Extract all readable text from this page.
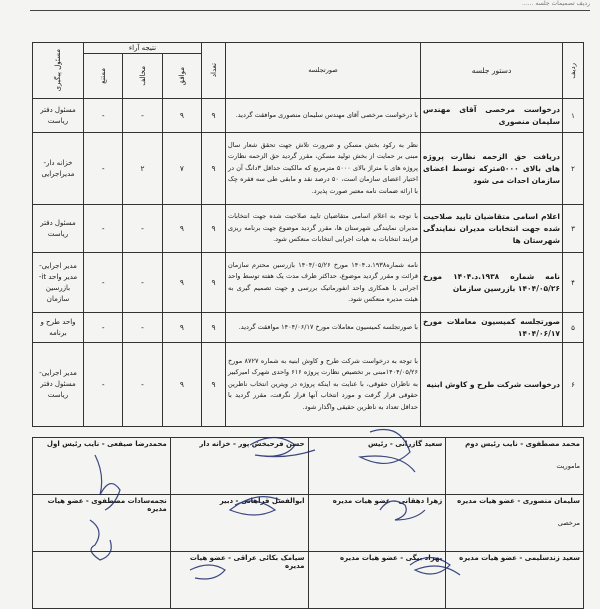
ردیف تصمیمات جلسه ......
ردیف	دستور جلسه	صورتجلسه	تعداد	نتیجه آراء			مسئول پیگیری

				موافق	مخالف	ممتنع	

۱	درخواست مرخصی آقای مهندس سلیمان منصوری	با درخواست مرخصی آقای مهندس سلیمان منصوری موافقت گردید.	۹	۹	-	-	مسئول دفتر ریاست
۲	دریافت حق الزحمه نظارت پروژه های بالای ۵۰۰۰مترکه توسط اعضای سازمان احداث می شود	نظر به رکود بخش مسکن و ضرورت تلاش جهت تحقق شعار سال مبنی بر حمایت از بخش تولید مسکن، مقرر گردید حق الزحمه نظارت پروژه های با متراژ بالای ۵۰۰۰ مترمربع که مالکیت حداقل ۳دانگ آن در اختیار اعضای سازمان است، ۵۰ درصد نقد و مابقی طی سه فقره چک با ارائه ضمانت نامه معتبر صورت پذیرد.	۹	۷	۲	-	خزانه دار- مدیراجرایی
۳	اعلام اسامی متقاضیان تایید صلاحیت شده جهت انتخابات مدیران نمایندگی شهرستان ها	با توجه به اعلام اسامی متقاضیان تایید صلاحیت شده جهت انتخابات مدیران نمایندگی شهرستان ها، مقرر گردید موضوع جهت برنامه ریزی فرایند انتخابات به هیات اجرایی انتخابات منعکس شود.	۹	۹	-	-	مسئول دفتر ریاست
۴	نامه شماره ۱۹۳۸.د.۱۴۰۴ مورخ ۱۴۰۴/۰۵/۲۶ بازرسین سازمان	نامه شماره۱۹۳۸.د.۱۴۰۴ مورخ ۱۴۰۴/۰۵/۲۶ بازرسین محترم سازمان قرائت و مقرر گردید موضوع، حداکثر ظرف مدت یک هفته توسط واحد اجرایی با همکاری واحد انفورماتیک بررسی و جهت تصمیم گیری به هیئت مدیره منعکس شود.	۹	۹	-	-	مدیر اجرایی- مدیر واحد it- بازرسین سازمان
۵	صورتجلسه کمیسیون معاملات مورخ ۱۴۰۴/۰۶/۱۷	با صورتجلسه کمیسیون معاملات مورخ ۱۴۰۴/۰۶/۱۷ موافقت گردید.	۹	۹	-	-	واحد طرح و برنامه
۶	درخواست شرکت طرح و کاوش ابنیه	با توجه به درخواست شرکت طرح و کاوش ابنیه به شماره ۸۷۲۷ مورخ ۱۴۰۴/۰۵/۲۶مبنی بر تخصیص نظارت پروژه ۶۱۶ واحدی شهرک امیرکبیر به ناظران حقوقی، با عنایت به اینکه پروژه در ویترین انتخاب ناظرین حقوقی قرار گرفت و مورد انتخاب آنها قرار نگرفت، مقرر گردید با حداقل تعداد به ناظرین حقیقی واگذار شود.	۹	۹	-	-	مدیر اجرایی- مسئول دفتر ریاست
محمد مصطفوی - نایب رئیس دوم
ماموریت	سعید گازرانی - رئیس	حسن فرحبخش پور - خزانه دار	محمدرضا صیفعی - نایب رئیس اول

سلیمان منصوری - عضو هیات مدیره
مرخصی	زهرا دهقانی - عضو هیات مدیره	ابوالفضل قراهانی - دبیر	نجمه‌سادات مصطفوی - عضو هیات مدیره

سعید زندسلیمی - عضو هیات مدیره	بهزاد بیگی - عضو هیات مدیره	سیامک بکائی عراقی - عضو هیات مدیره	
